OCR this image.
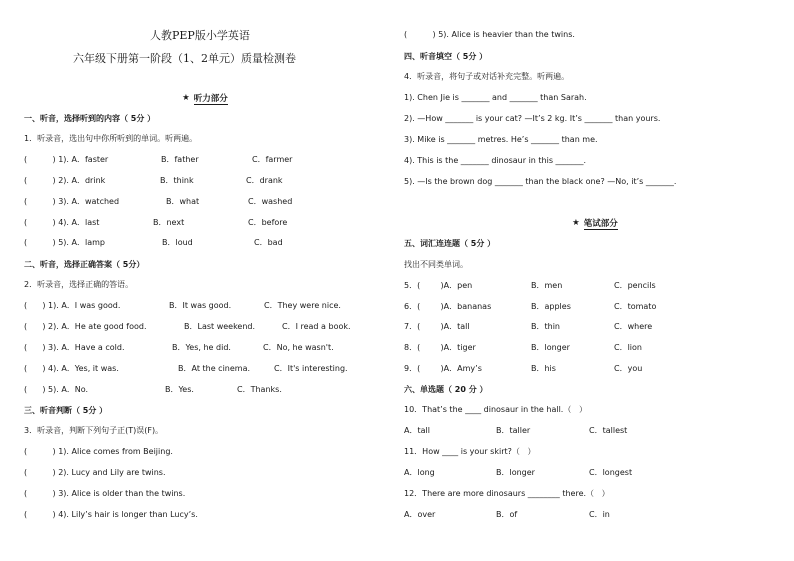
人教PEP版小学英语
六年级下册第一阶段（1、2单元）质量检测卷
★ 听力部分
一、听音，选择听到的内容（ 5分 ）
1．听录音，选出句中你所听到的单词。听两遍。
(          ) 1). A．faster	B．father	C．farmer
(          ) 2). A．drink	B．think	C．drank
(          ) 3). A．watched	B．what	C．washed
(          ) 4). A．last	B．next	C．before
(          ) 5). A．lamp	B．loud	C．bad
二、听音，选择正确答案（ 5分）
2．听录音，选择正确的答语。
(      ) 1). A．I was good.	B．It was good.	C．They were nice.
(      ) 2). A．He ate good food.	B．Last weekend.	C．I read a book.
(      ) 3). A．Have a cold.	B．Yes, he did.	C．No, he wasn't.
(      ) 4). A．Yes, it was.	B．At the cinema.	C．It's interesting.
(      ) 5). A．No.	B．Yes.	C．Thanks.
三、听音判断（ 5分 ）
3．听录音，判断下列句子正(T)误(F)。
(          ) 1). Alice comes from Beijing.
(          ) 2). Lucy and Lily are twins.
(          ) 3). Alice is older than the twins.
(          ) 4). Lily’s hair is longer than Lucy’s.
(          ) 5). Alice is heavier than the twins.
四、听音填空（ 5分 ）
4．听录音，将句子或对话补充完整。听两遍。
1). Chen Jie is _______ and _______ than Sarah.
2). —How _______ is your cat? —It’s 2 kg. It’s _______ than yours.
3). Mike is _______ metres. He’s _______ than me.
4). This is the _______ dinosaur in this _______.
5). —Is the brown dog _______ than the black one? —No, it’s _______.
★ 笔试部分
五、词汇连连题（ 5分 ）
找出不同类单词。
5．(        )A．pen	B．men	C．pencils
6．(        )A．bananas	B．apples	C．tomato
7．(        )A．tall	B．thin	C．where
8．(        )A．tiger	B．longer	C．lion
9．(        )A．Amy’s	B．his	C．you
六、单选题（ 20 分 ）
10．That’s the ____ dinosaur in the hall.（   ）
A．tall	B．taller	C．tallest
11．How ____ is your skirt?（   ）
A．long	B．longer	C．longest
12．There are more dinosaurs ________ there.（   ）
A．over	B．of	C．in
